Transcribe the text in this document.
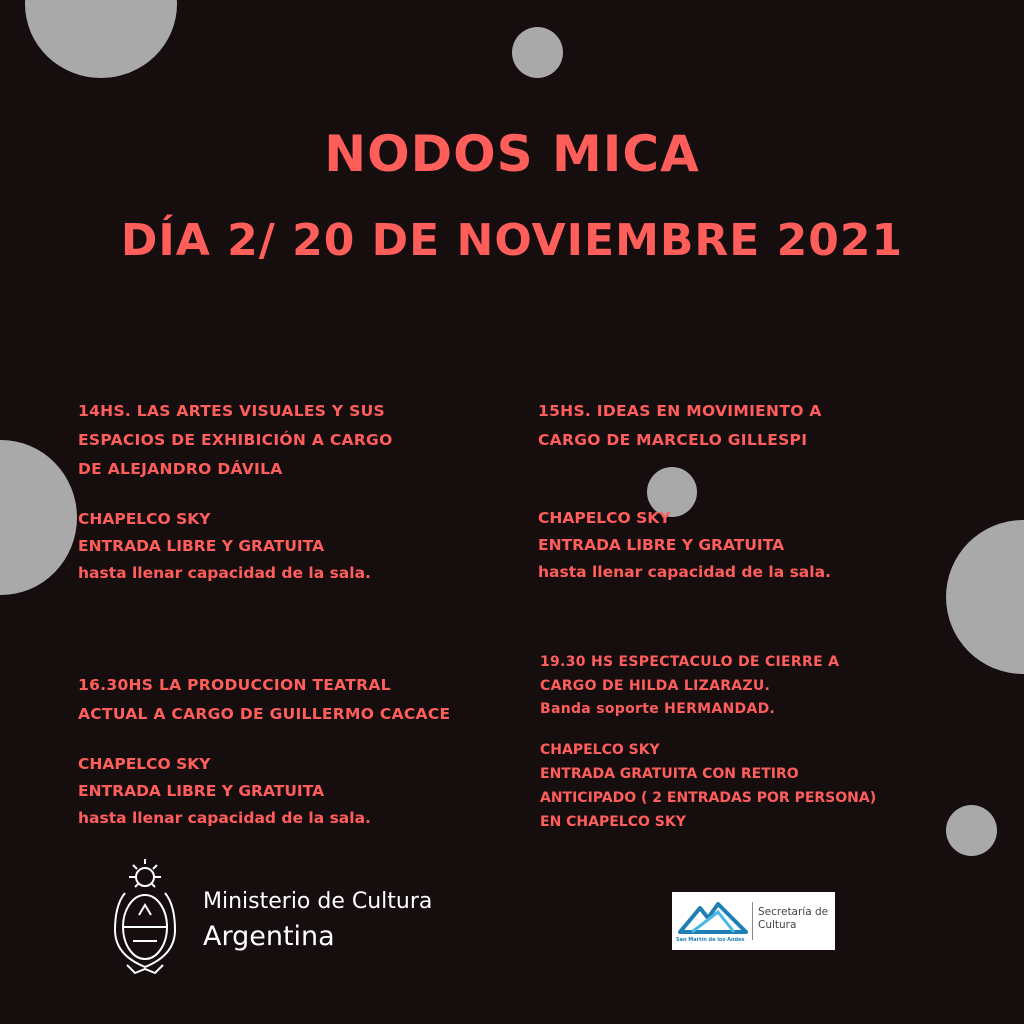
NODOS MICA
DÍA 2/ 20 DE NOVIEMBRE 2021
14HS. LAS ARTES VISUALES Y SUS
ESPACIOS DE EXHIBICIÓN A CARGO
DE ALEJANDRO DÁVILA
CHAPELCO SKY
ENTRADA LIBRE Y GRATUITA
hasta llenar capacidad de la sala.
15HS. IDEAS EN MOVIMIENTO A
CARGO DE MARCELO GILLESPI
CHAPELCO SKY
ENTRADA LIBRE Y GRATUITA
hasta llenar capacidad de la sala.
16.30HS LA PRODUCCION TEATRAL
ACTUAL A CARGO DE GUILLERMO CACACE
CHAPELCO SKY
ENTRADA LIBRE Y GRATUITA
hasta llenar capacidad de la sala.
19.30 HS ESPECTACULO DE CIERRE A
CARGO DE HILDA LIZARAZU.
Banda soporte HERMANDAD.
CHAPELCO SKY
ENTRADA GRATUITA CON RETIRO
ANTICIPADO ( 2 ENTRADAS POR PERSONA)
EN CHAPELCO SKY
Ministerio de Cultura
Argentina	San Martín de los Andes
Secretaría de
Cultura
